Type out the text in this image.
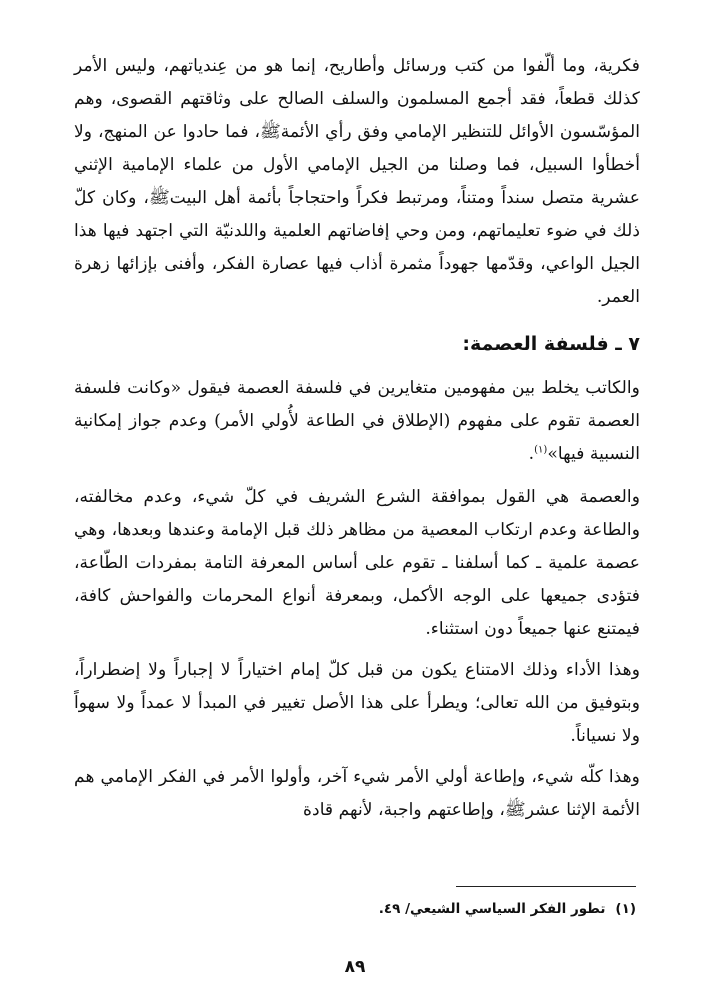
فكرية، وما ألّفوا من كتب ورسائل وأطاريح، إنما هو من عِندياتهم، وليس الأمر كذلك قطعاً، فقد أجمع المسلمون والسلف الصالح على وثاقتهم القصوى، وهم المؤسّسون الأوائل للتنظير الإمامي وفق رأي الأئمةﷺ، فما حادوا عن المنهج، ولا أخطأوا السبيل، فما وصلنا من الجيل الإمامي الأول من علماء الإمامية الإثني عشرية متصل سنداً ومتناً، ومرتبط فكراً واحتجاجاً بأئمة أهل البيتﷺ، وكان كلّ ذلك في ضوء تعليماتهم، ومن وحي إفاضاتهم العلمية واللدنيّة التي اجتهد فيها هذا الجيل الواعي، وقدّمها جهوداً مثمرة أذاب فيها عصارة الفكر، وأفنى بإزائها زهرة العمر.

٧ ـ فلسفة العصمة:

والكاتب يخلط بين مفهومين متغايرين في فلسفة العصمة فيقول «وكانت فلسفة العصمة تقوم على مفهوم (الإطلاق في الطاعة لأُولي الأمر) وعدم جواز إمكانية النسبية فيها»$^{(١)}$.

والعصمة هي القول بموافقة الشرع الشريف في كلّ شيء، وعدم مخالفته، والطاعة وعدم ارتكاب المعصية من مظاهر ذلك قبل الإمامة وعندها وبعدها، وهي عصمة علمية ـ كما أسلفنا ـ تقوم على أساس المعرفة التامة بمفردات الطّاعة، فتؤدى جميعها على الوجه الأكمل، وبمعرفة أنواع المحرمات والفواحش كافة، فيمتنع عنها جميعاً دون استثناء.

وهذا الأداء وذلك الامتناع يكون من قبل كلّ إمام اختياراً لا إجباراً ولا إضطراراً، وبتوفيق من الله تعالى؛ ويطرأ على هذا الأصل تغيير في المبدأ لا عمداً ولا سهواً ولا نسياناً.

وهذا كلّه شيء، وإطاعة أولي الأمر شيء آخر، وأولوا الأمر في الفكر الإمامي هم الأئمة الإثنا عشرﷺ، وإطاعتهم واجبة، لأنهم قادة

(١)تطور الفكر السياسي الشيعي/ ٤٩.
٨٩
